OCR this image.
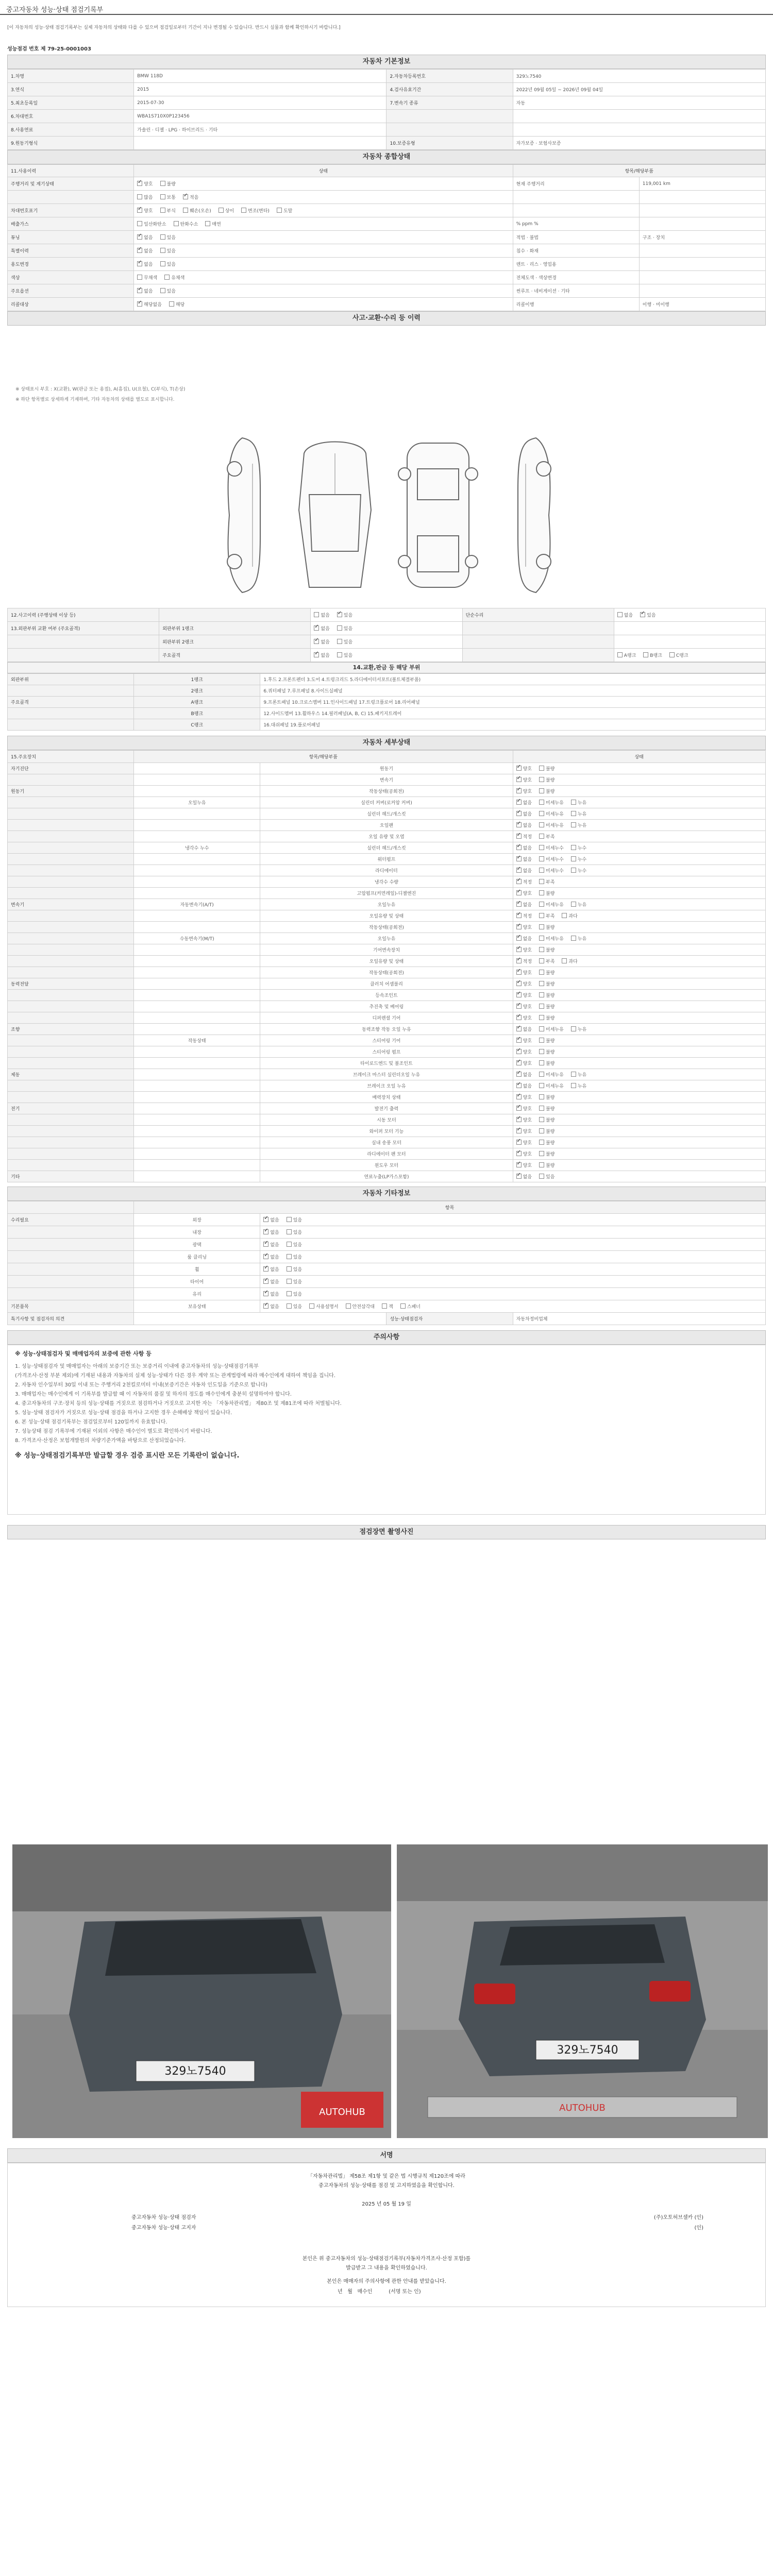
중고자동차 성능·상태 점검기록부
[이 자동차의 성능·상태 점검기록부는 실제 자동차의 상태와 다를 수 있으며 점검일로부터 기간이 지나 변경될 수 있습니다. 반드시 실물과 함께 확인하시기 바랍니다.]
성능점검 번호 제 79-25-0001003
자동차 기본정보
1.차명	BMW 118D	2.자동차등록번호	329노7540
3.연식	2015	4.검사유효기간	2022년 09월 05일 ~ 2026년 09월 04일
5.최초등록일	2015-07-30	7.변속기 종류	자동
6.차대번호	WBA1S710X0P123456		
8.사용연료	가솔린 · 디젤 · LPG · 하이브리드 · 기타		
9.원동기형식		10.보증유형	자가보증 · 보험사보증
자동차 종합상태
11.사용이력	상태	항목/해당부품	
주행거리 및 계기상태	✓양호 불량	현재 주행거리	119,001 km
	많음 보통 ✓ 적음		
차대번호표기	✓양호 부식 훼손(오손) 상이 변조(변타) 도말		
배출가스	일산화탄소 탄화수소 매연	% ppm %	
튜닝	✓없음 있음	적법 · 불법	구조 · 장치
특별이력	✓없음 있음	침수 · 화재	
용도변경	✓없음 있음	렌트 · 리스 · 영업용	
색상	무채색 유채색	전체도색 · 색상변경	
주요옵션	✓없음 있음	썬루프 · 네비게이션 · 기타	
리콜대상	✓해당없음 해당	리콜이행	이행 · 미이행
사고·교환·수리 등 이력
※ 상태표시 부호 : X(교환), W(판금 또는 용접), A(흠집), U(요철), C(부식), T(손상)
※ 하단 항목별로 상세하게 기재하며, 기타 자동차의 상태를 별도로 표시합니다.
12.사고이력 (주행상태 이상 등)		없음 ✓ 있음	단순수리	없음 ✓ 있음
13.외판부위 교환 여부 (주요골격)	외판부위 1랭크	✓없음 있음		
	외판부위 2랭크	✓없음 있음		
	주요골격	✓없음 있음		A랭크 B랭크 C랭크
14.교환,판금 등 해당 부위
외판부위	1랭크	1.후드 2.프론트펜더 3.도어 4.트렁크리드 5.라디에이터서포트(볼트체결부품)
	2랭크	6.쿼터패널 7.루프패널 8.사이드실패널
주요골격	A랭크	9.프론트패널 10.크로스멤버 11.인사이드패널 17.트렁크플로어 18.리어패널
	B랭크	12.사이드멤버 13.휠하우스 14.필러패널(A, B, C) 15.패키지트레이
	C랭크	16.대쉬패널 19.플로어패널
자동차 세부상태
15.주요장치	항목/해당부품		상태
자기진단		원동기	✓양호 불량
		변속기	✓양호 불량
원동기		작동상태(공회전)	✓양호 불량
	오일누유	실린더 커버(로커암 커버)	✓없음 미세누유 누유
		실린더 헤드/개스킷	✓없음 미세누유 누유
		오일팬	✓없음 미세누유 누유
		오일 유량 및 오염	✓적정 부족
	냉각수 누수	실린더 헤드/개스킷	✓없음 미세누수 누수
		워터펌프	✓없음 미세누수 누수
		라디에이터	✓없음 미세누수 누수
		냉각수 수량	✓적정 부족
		고압펌프(커먼레일)-디젤엔진	✓양호 불량
변속기	자동변속기(A/T)	오일누유	✓없음 미세누유 누유
		오일유량 및 상태	✓적정 부족 과다
		작동상태(공회전)	✓양호 불량
	수동변속기(M/T)	오일누유	✓없음 미세누유 누유
		기어변속장치	✓양호 불량
		오일유량 및 상태	✓적정 부족 과다
		작동상태(공회전)	✓양호 불량
동력전달		클러치 어셈블리	✓양호 불량
		등속조인트	✓양호 불량
		추진축 및 베어링	✓양호 불량
		디퍼렌셜 기어	✓양호 불량
조향		동력조향 작동 오일 누유	✓없음 미세누유 누유
	작동상태	스티어링 기어	✓양호 불량
		스티어링 펌프	✓양호 불량
		타이로드엔드 및 볼조인트	✓양호 불량
제동		브레이크 마스터 실린더오일 누유	✓없음 미세누유 누유
		브레이크 오일 누유	✓없음 미세누유 누유
		배력장치 상태	✓양호 불량
전기		발전기 출력	✓양호 불량
		시동 모터	✓양호 불량
		와이퍼 모터 기능	✓양호 불량
		실내 송풍 모터	✓양호 불량
		라디에이터 팬 모터	✓양호 불량
		윈도우 모터	✓양호 불량
기타		연료누출(LP가스포함)	✓없음 있음
자동차 기타정보
	항목			
수리필요	외장	✓없음 있음
	내장	✓없음 있음
	광택	✓없음 있음
	룸 클리닝	✓없음 있음
	휠	✓없음 있음
	타이어	✓없음 있음
	유리	✓없음 있음
기본품목	보유상태	✓없음 있음 사용설명서 안전삼각대 잭 스패너
특기사항 및 점검자의 의견			성능·상태점검자	자동차정비업체
주의사항
※ 성능·상태점검자 및 매매업자의 보증에 관한 사항 등
1. 성능·상태점검자 및 매매업자는 아래의 보증기간 또는 보증거리 이내에 중고자동차의 성능·상태점검기록부
(가격조사·산정 부분 제외)에 기재된 내용과 자동차의 실제 성능·상태가 다른 경우 계약 또는 관계법령에 따라 매수인에게 대하여 책임을 집니다.
2. 자동차 인수일부터 30일 이내 또는 주행거리 2천킬로미터 이내(보증기간은 자동차 인도일을 기준으로 합니다)
3. 매매업자는 매수인에게 이 기록부를 발급할 때 이 자동차의 품질 및 하자의 정도를 매수인에게 충분히 설명하여야 합니다.
4. 중고자동차의 구조·장치 등의 성능·상태를 거짓으로 점검하거나 거짓으로 고지한 자는 「자동차관리법」 제80조 및 제81조에 따라 처벌됩니다.
5. 성능·상태 점검자가 거짓으로 성능·상태 점검을 하거나 고지한 경우 손해배상 책임이 있습니다.
6. 본 성능·상태 점검기록부는 점검일로부터 120일까지 유효합니다.
7. 성능상태 점검 기록부에 기재된 이외의 사항은 매수인이 별도로 확인하시기 바랍니다.
8. 가격조사·산정은 보험개발원의 차량기준가액을 바탕으로 산정되었습니다.
※ 성능·상태점검기록부만 발급할 경우 검증 표시란 모든 기록란이 없습니다.
점검장면 촬영사진
329노7540
AUTOHUB
329노7540
AUTOHUB
서명
「자동차관리법」 제58조 제1항 및 같은 법 시행규칙 제120조에 따라
중고자동차의 성능·상태를 점검 및 고지하였음을 확인합니다.
2025 년 05 월 19 일
중고자동차 성능·상태 점검자	(주)오토허브셀카 (인)
중고자동차 성능·상태 고지자	(인)
본인은 위 중고자동차의 성능·상태점검기록부(자동차가격조사·산정 포함)를
발급받고 그 내용을 확인하였습니다.
본인은 매매자의 주의사항에 관한 안내를 받았습니다.
년 월 매수인	(서명 또는 인)
